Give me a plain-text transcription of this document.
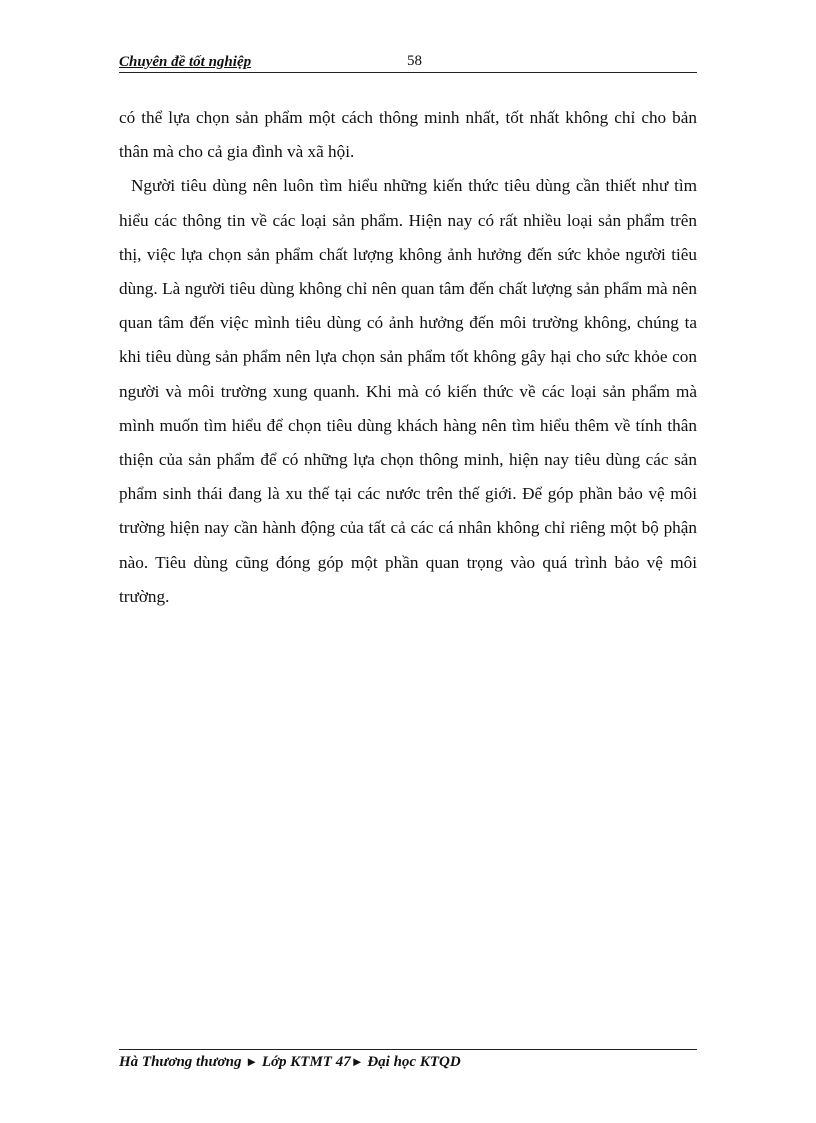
Chuyên đề tốt nghiệp	58

có thể lựa chọn sản phẩm một cách thông minh nhất, tốt nhất không chỉ cho bản thân mà cho cả gia đình và xã hội.

Người tiêu dùng nên luôn tìm hiểu những kiến thức tiêu dùng cần thiết như tìm hiểu các thông tin về các loại sản phẩm. Hiện nay có rất nhiều loại sản phẩm trên thị, việc lựa chọn sản phẩm chất lượng không ảnh hưởng đến sức khỏe người tiêu dùng. Là người tiêu dùng không chỉ nên quan tâm đến chất lượng sản phẩm mà nên quan tâm đến việc mình tiêu dùng có ảnh hưởng đến môi trường không, chúng ta khi tiêu dùng sản phẩm nên lựa chọn sản phẩm tốt không gây hại cho sức khỏe con người và môi trường xung quanh. Khi mà có kiến thức về các loại sản phẩm mà mình muốn tìm hiểu để chọn tiêu dùng khách hàng nên tìm hiểu thêm về tính thân thiện của sản phẩm để có những lựa chọn thông minh, hiện nay tiêu dùng các sản phẩm sinh thái đang là xu thế tại các nước trên thế giới. Để góp phần bảo vệ môi trường hiện nay cần hành động của tất cả các cá nhân không chỉ riêng một bộ phận nào. Tiêu dùng cũng đóng góp một phần quan trọng vào quá trình bảo vệ môi trường.

Hà Thương thương ► Lớp KTMT 47► Đại học KTQD
